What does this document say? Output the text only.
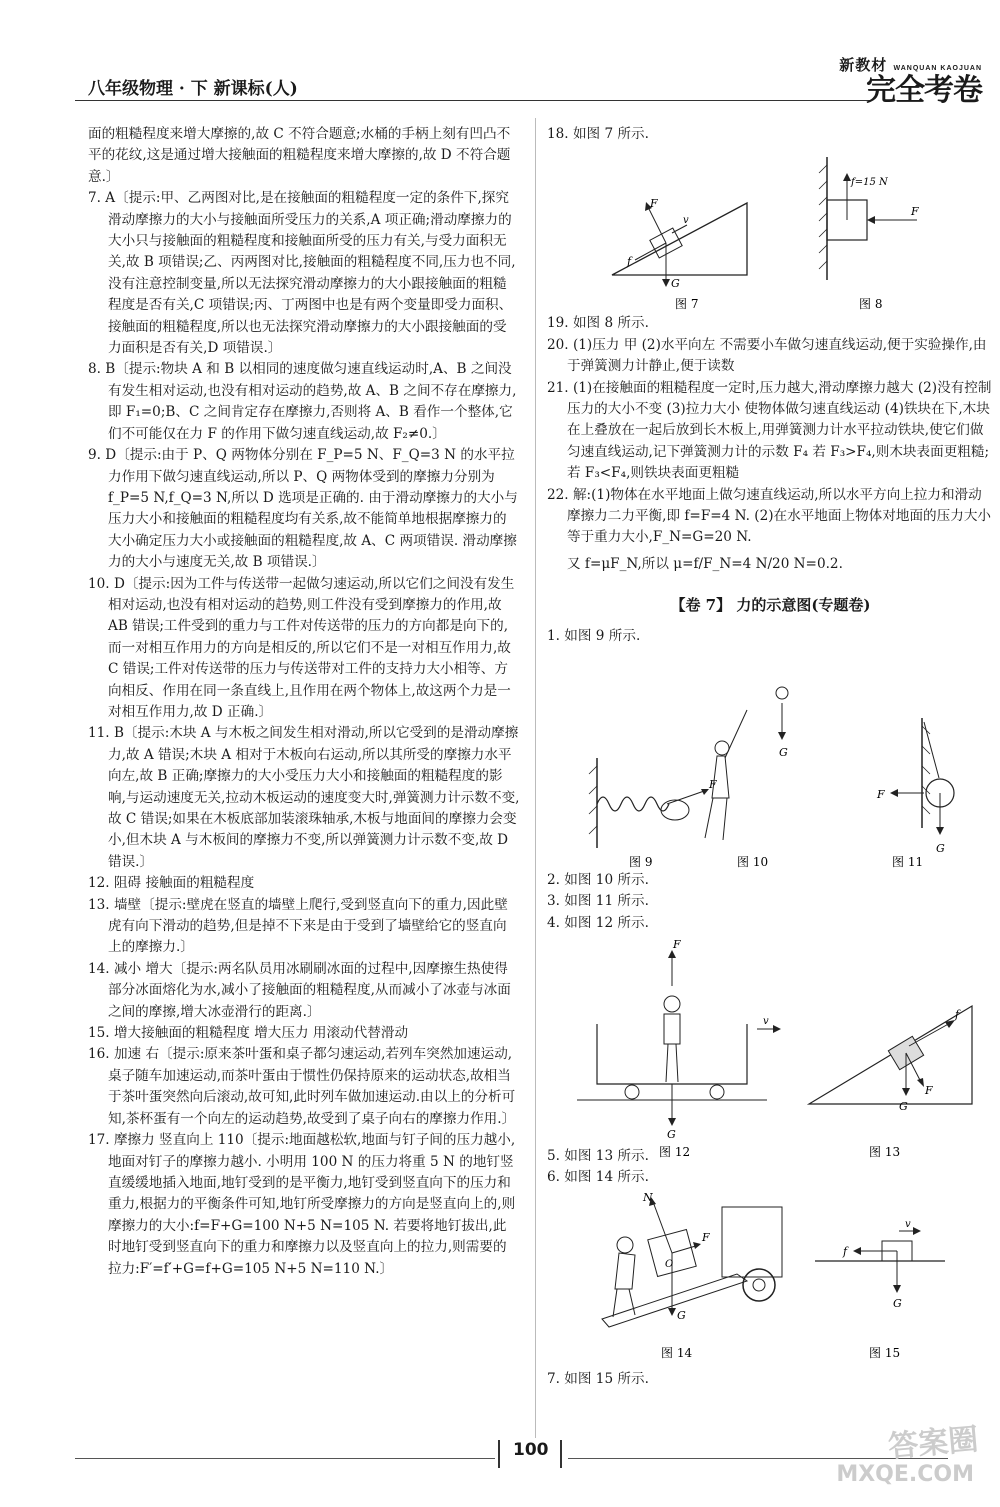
八年级物理 · 下 新课标(人)
新教材 WANQUAN KAOJUAN
完全考卷

面的粗糙程度来增大摩擦的,故 C 不符合题意;水桶的手柄上刻有凹凸不平的花纹,这是通过增大接触面的粗糙程度来增大摩擦的,故 D 不符合题意.〕

7. A〔提示:甲、乙两图对比,是在接触面的粗糙程度一定的条件下,探究滑动摩擦力的大小与接触面所受压力的关系,A 项正确;滑动摩擦力的大小只与接触面的粗糙程度和接触面所受的压力有关,与受力面积无关,故 B 项错误;乙、丙两图对比,接触面的粗糙程度不同,压力也不同,没有注意控制变量,所以无法探究滑动摩擦力的大小跟接触面的粗糙程度是否有关,C 项错误;丙、丁两图中也是有两个变量即受力面积、接触面的粗糙程度,所以也无法探究滑动摩擦力的大小跟接触面的受力面积是否有关,D 项错误.〕

8. B〔提示:物块 A 和 B 以相同的速度做匀速直线运动时,A、B 之间没有发生相对运动,也没有相对运动的趋势,故 A、B 之间不存在摩擦力,即 F₁=0;B、C 之间肯定存在摩擦力,否则将 A、B 看作一个整体,它们不可能仅在力 F 的作用下做匀速直线运动,故 F₂≠0.〕

9. D〔提示:由于 P、Q 两物体分别在 F_P=5 N、F_Q=3 N 的水平拉力作用下做匀速直线运动,所以 P、Q 两物体受到的摩擦力分别为 f_P=5 N,f_Q=3 N,所以 D 选项是正确的. 由于滑动摩擦力的大小与压力大小和接触面的粗糙程度均有关系,故不能简单地根据摩擦力的大小确定压力大小或接触面的粗糙程度,故 A、C 两项错误. 滑动摩擦力的大小与速度无关,故 B 项错误.〕

10. D〔提示:因为工件与传送带一起做匀速运动,所以它们之间没有发生相对运动,也没有相对运动的趋势,则工件没有受到摩擦力的作用,故 AB 错误;工件受到的重力与工件对传送带的压力的方向都是向下的,而一对相互作用力的方向是相反的,所以它们不是一对相互作用力,故 C 错误;工件对传送带的压力与传送带对工件的支持力大小相等、方向相反、作用在同一条直线上,且作用在两个物体上,故这两个力是一对相互作用力,故 D 正确.〕

11. B〔提示:木块 A 与木板之间发生相对滑动,所以它受到的是滑动摩擦力,故 A 错误;木块 A 相对于木板向右运动,所以其所受的摩擦力水平向左,故 B 正确;摩擦力的大小受压力大小和接触面的粗糙程度的影响,与运动速度无关,拉动木板运动的速度变大时,弹簧测力计示数不变,故 C 错误;如果在木板底部加装滚珠轴承,木板与地面间的摩擦力会变小,但木块 A 与木板间的摩擦力不变,所以弹簧测力计示数不变,故 D 错误.〕

12. 阻碍 接触面的粗糙程度

13. 墙壁〔提示:壁虎在竖直的墙壁上爬行,受到竖直向下的重力,因此壁虎有向下滑动的趋势,但是掉不下来是由于受到了墙壁给它的竖直向上的摩擦力.〕

14. 减小 增大〔提示:两名队员用冰刷刷冰面的过程中,因摩擦生热使得部分冰面熔化为水,减小了接触面的粗糙程度,从而减小了冰壶与冰面之间的摩擦,增大冰壶滑行的距离.〕

15. 增大接触面的粗糙程度 增大压力 用滚动代替滑动

16. 加速 右〔提示:原来茶叶蛋和桌子都匀速运动,若列车突然加速运动,桌子随车加速运动,而茶叶蛋由于惯性仍保持原来的运动状态,故相当于茶叶蛋突然向后滚动,故可知,此时列车做加速运动.由以上的分析可知,茶杯蛋有一个向左的运动趋势,故受到了桌子向右的摩擦力作用.〕

17. 摩擦力 竖直向上 110〔提示:地面越松软,地面与钉子间的压力越小,地面对钉子的摩擦力越小. 小明用 100 N 的压力将重 5 N 的地钉竖直缓缓地插入地面,地钉受到的是平衡力,地钉受到竖直向下的压力和重力,根据力的平衡条件可知,地钉所受摩擦力的方向是竖直向上的,则摩擦力的大小:f=F+G=100 N+5 N=105 N. 若要将地钉拔出,此时地钉受到竖直向下的重力和摩擦力以及竖直向上的拉力,则需要的拉力:F′=f′+G=f+G=105 N+5 N=110 N.〕

18. 如图 7 所示.

F
G
v
f
图 7
f=15 N
F
图 8

19. 如图 8 所示.

20. (1)压力 甲 (2)水平向左 不需要小车做匀速直线运动,便于实验操作,由于弹簧测力计静止,便于读数

21. (1)在接触面的粗糙程度一定时,压力越大,滑动摩擦力越大 (2)没有控制压力的大小不变 (3)拉力大小 使物体做匀速直线运动 (4)铁块在下,木块在上叠放在一起后放到长木板上,用弹簧测力计水平拉动铁块,使它们做匀速直线运动,记下弹簧测力计的示数 F₄ 若 F₃>F₄,则木块表面更粗糙;若 F₃<F₄,则铁块表面更粗糙

22. 解:(1)物体在水平地面上做匀速直线运动,所以水平方向上拉力和滑动摩擦力二力平衡,即 f=F=4 N. (2)在水平地面上物体对地面的压力大小等于重力大小,F_N=G=20 N.

又 f=μF_N,所以 μ=f/F_N=4 N/20 N=0.2.

【卷 7】 力的示意图(专题卷)

1. 如图 9 所示.

F
图 9
G
图 10
F
G
图 11

2. 如图 10 所示.

3. 如图 11 所示.

4. 如图 12 所示.

F
G
v
图 12
f
G
F
图 13

5. 如图 13 所示.

6. 如图 14 所示.

N
F
O
G
图 14
f
v
G
图 15

7. 如图 15 所示.

100	答案圈
MXQE.COM
